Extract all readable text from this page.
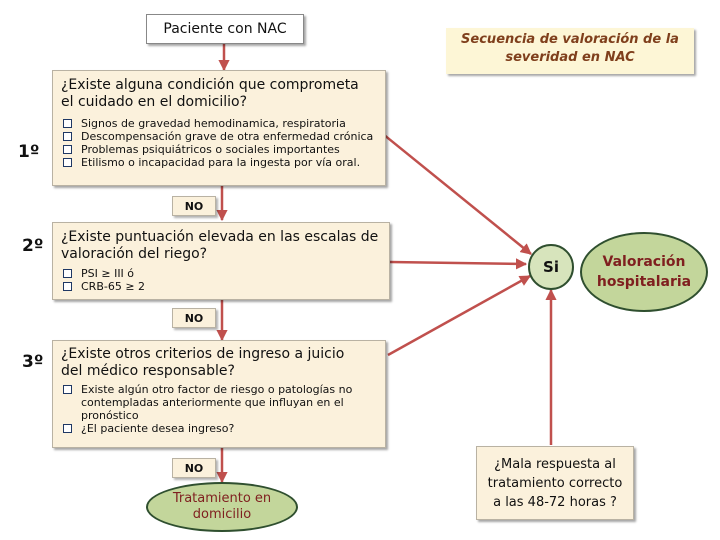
Paciente con NAC
Secuencia de valoración de la
severidad en NAC
1º
¿Existe alguna condición que comprometa el cuidado en el domicilio?
Signos de gravedad hemodinamica, respiratoria
Descompensación grave de otra enfermedad crónica
Problemas psiquiátricos o sociales importantes
Etilismo o incapacidad para la ingesta por vía oral.
NO
2º ¿Existe puntuación elevada en las escalas de valoración del riego?
PSI ≥ III ó
CRB-65 ≥ 2
NO
3º ¿Existe otros criterios de ingreso a juicio del médico responsable?
Existe algún otro factor de riesgo o patologías no contempladas anteriormente que influyan en el pronóstico
¿El paciente desea ingreso?
NO
Tratamiento en domicilio
Si	Valoración hospitalaria
¿Mala respuesta al tratamiento correcto a las 48-72 horas ?
